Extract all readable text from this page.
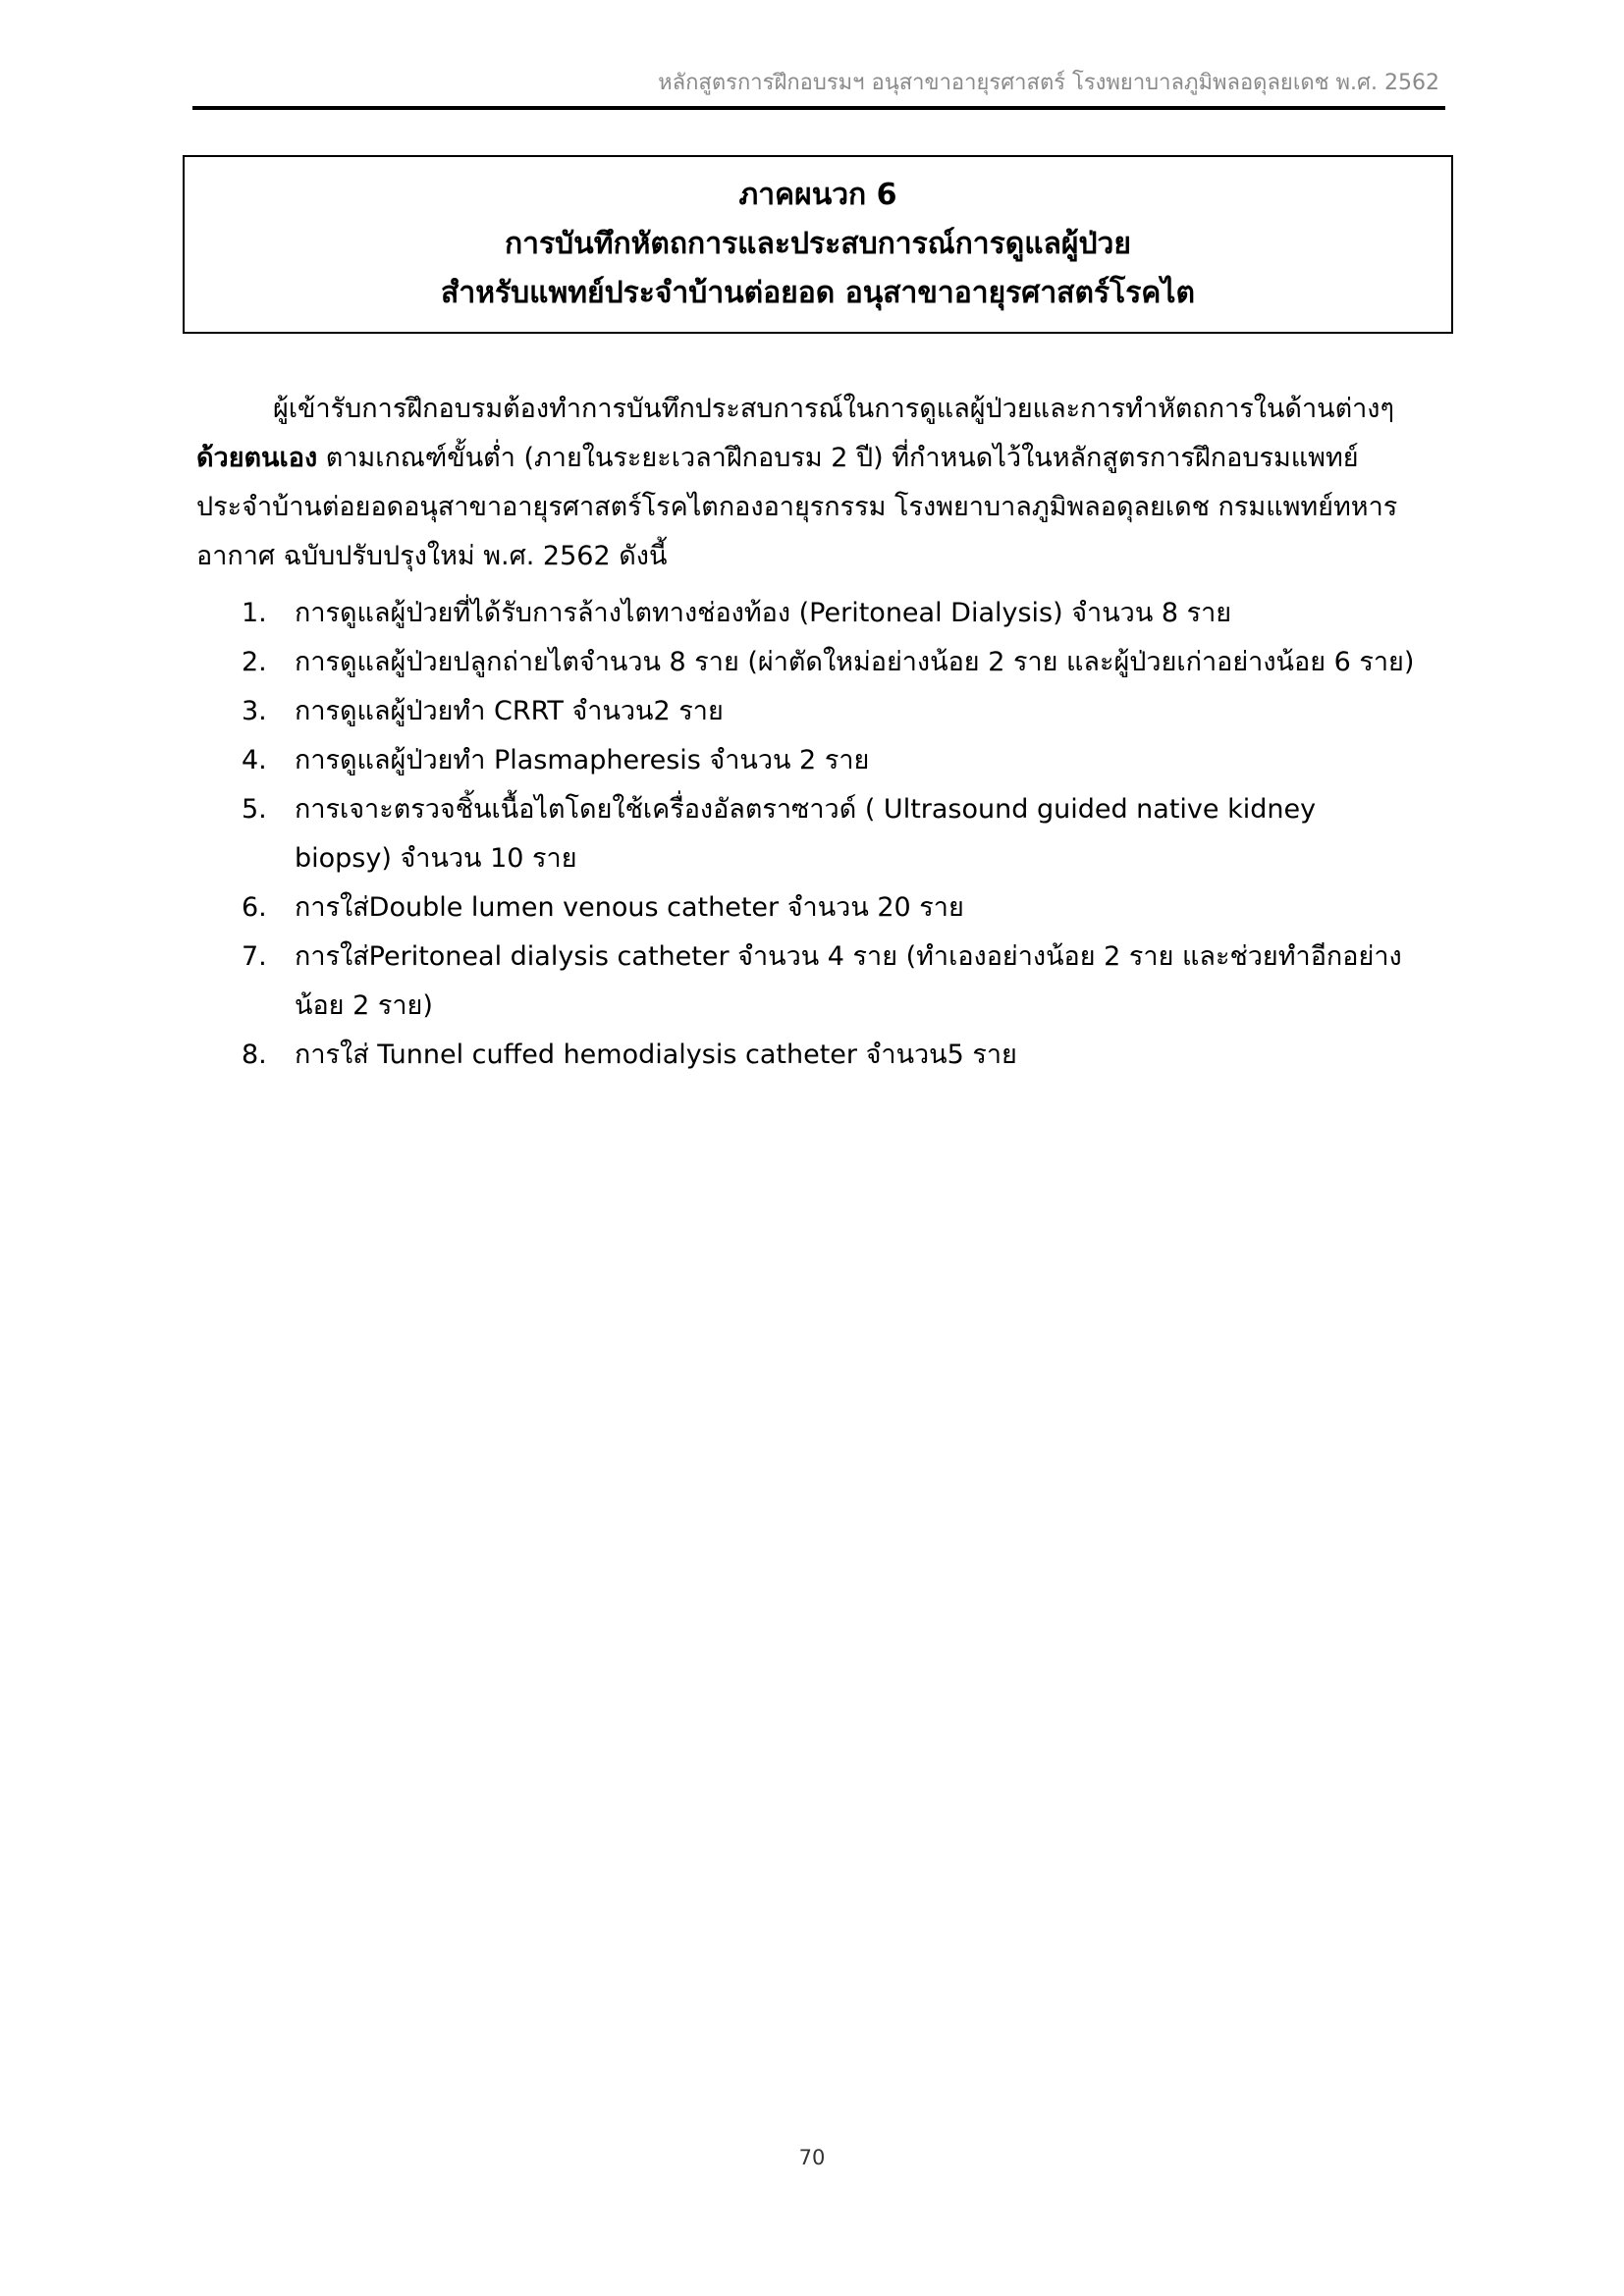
หลักสูตรการฝึกอบรมฯ อนุสาขาอายุรศาสตร์ โรงพยาบาลภูมิพลอดุลยเดช พ.ศ. 2562
ภาคผนวก 6
การบันทึกหัตถการและประสบการณ์การดูแลผู้ป่วย
สำหรับแพทย์ประจำบ้านต่อยอด อนุสาขาอายุรศาสตร์โรคไต

ผู้เข้ารับการฝึกอบรมต้องทำการบันทึกประสบการณ์ในการดูแลผู้ป่วยและการทำหัตถการในด้านต่างๆ ด้วยตนเอง ตามเกณฑ์ขั้นต่ำ (ภายในระยะเวลาฝึกอบรม 2 ปี) ที่กำหนดไว้ในหลักสูตรการฝึกอบรมแพทย์ประจำบ้านต่อยอดอนุสาขาอายุรศาสตร์โรคไตกองอายุรกรรม โรงพยาบาลภูมิพลอดุลยเดช กรมแพทย์ทหารอากาศ ฉบับปรับปรุงใหม่ พ.ศ. 2562 ดังนี้

1.	การดูแลผู้ป่วยที่ได้รับการล้างไตทางช่องท้อง (Peritoneal Dialysis) จำนวน 8 ราย
2.	การดูแลผู้ป่วยปลูกถ่ายไตจำนวน 8 ราย (ผ่าตัดใหม่อย่างน้อย 2 ราย และผู้ป่วยเก่าอย่างน้อย 6 ราย)
3.	การดูแลผู้ป่วยทำ CRRT จำนวน2 ราย
4.	การดูแลผู้ป่วยทำ Plasmapheresis จำนวน 2 ราย
5.	การเจาะตรวจชิ้นเนื้อไตโดยใช้เครื่องอัลตราซาวด์ ( Ultrasound guided native kidney biopsy) จำนวน 10 ราย
6.	การใส่Double lumen venous catheter จำนวน 20 ราย
7.	การใส่Peritoneal dialysis catheter จำนวน 4 ราย (ทำเองอย่างน้อย 2 ราย และช่วยทำอีกอย่างน้อย 2 ราย)
8.	การใส่ Tunnel cuffed hemodialysis catheter จำนวน5 ราย
70
